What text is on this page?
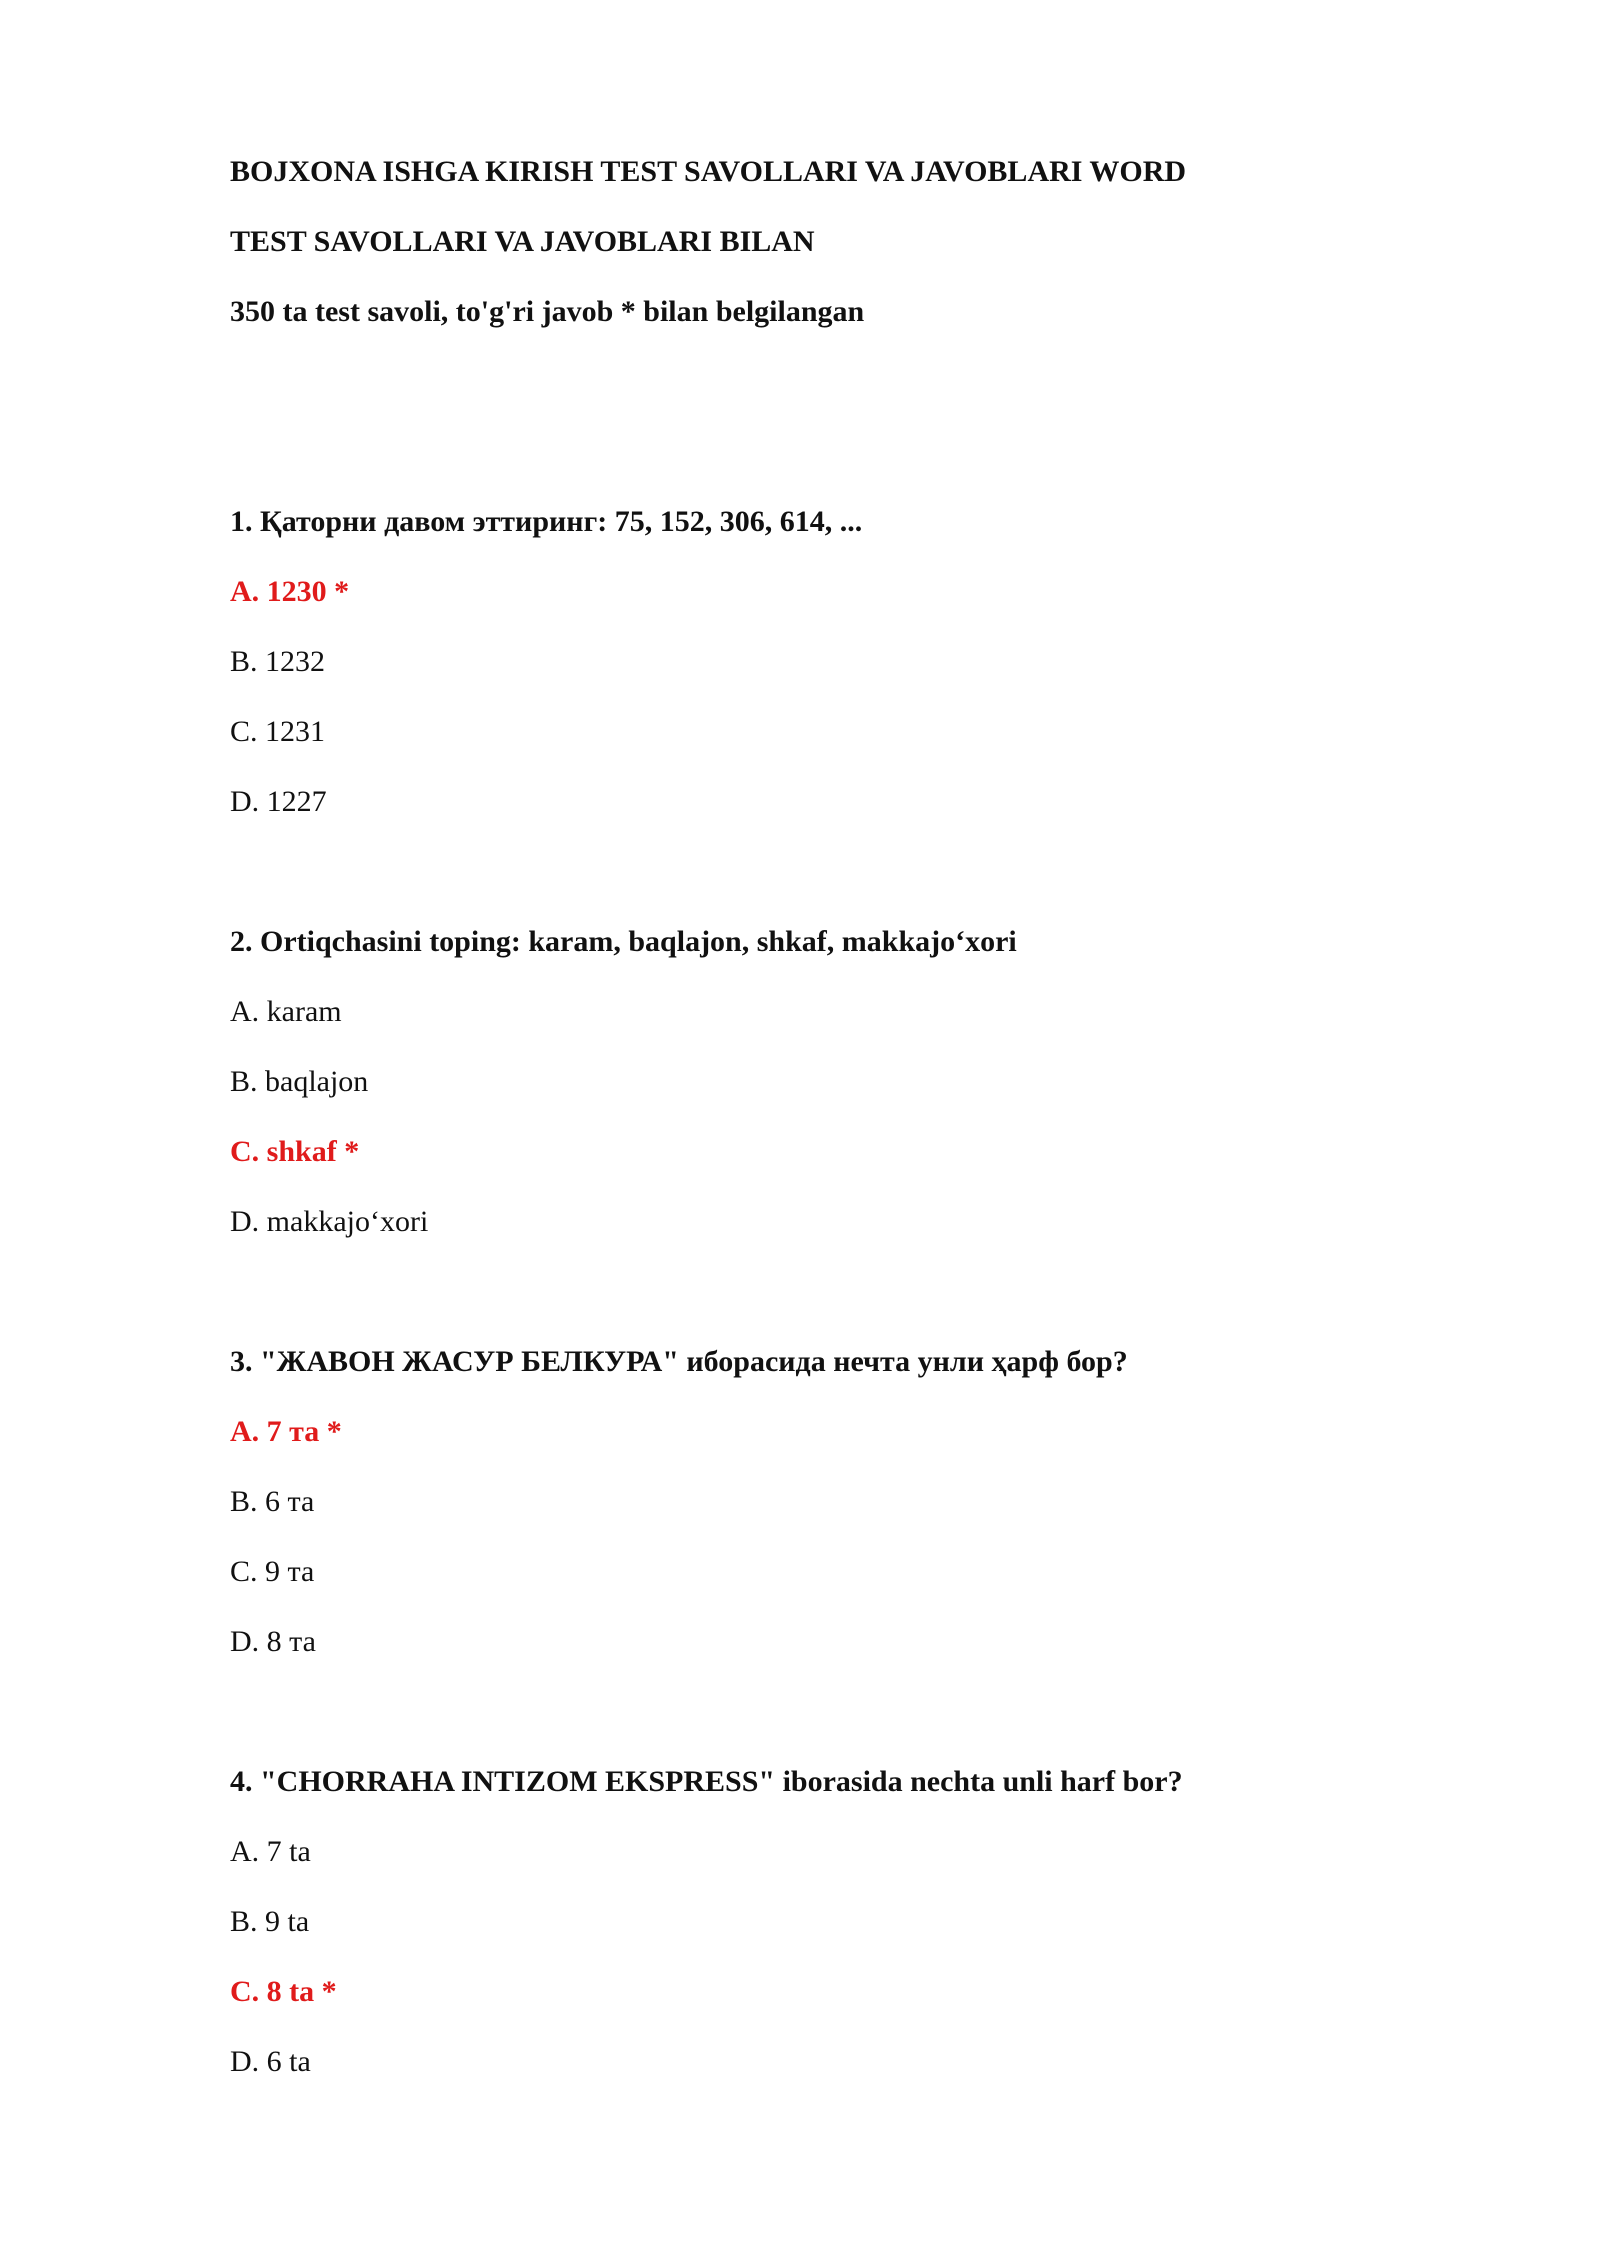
BOJXONA ISHGA KIRISH TEST SAVOLLARI VA JAVOBLARI WORD
TEST SAVOLLARI VA JAVOBLARI BILAN
350 ta test savoli, to'g'ri javob * bilan belgilangan
1. Қаторни давом эттиринг: 75, 152, 306, 614, ...
A. 1230 *
B. 1232
C. 1231
D. 1227
2. Ortiqchasini toping: karam, baqlajon, shkaf, makkajo‘xori
A. karam
B. baqlajon
C. shkaf *
D. makkajo‘xori
3. "ЖАВОН ЖАСУР БЕЛКУРА" иборасида нечта унли ҳарф бор?
A. 7 та *
B. 6 та
C. 9 та
D. 8 та
4. "CHORRAHA INTIZOM EKSPRESS" iborasida nechta unli harf bor?
A. 7 ta
B. 9 ta
C. 8 ta *
D. 6 ta
